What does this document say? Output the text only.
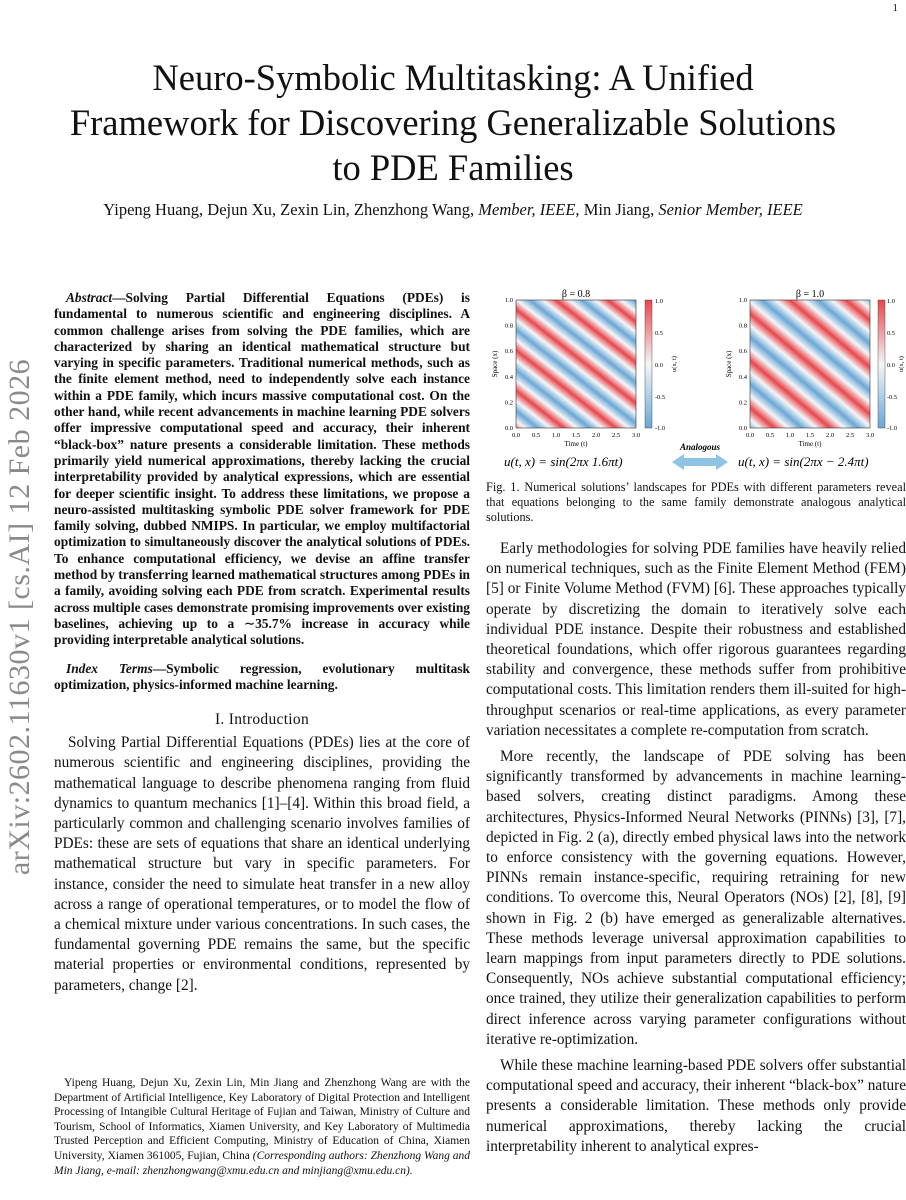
1
arXiv:2602.11630v1 [cs.AI] 12 Feb 2026
Neuro-Symbolic Multitasking: A Unified
Framework for Discovering Generalizable Solutions
to PDE Families
Yipeng Huang, Dejun Xu, Zexin Lin, Zhenzhong Wang, Member, IEEE, Min Jiang, Senior Member, IEEE
Abstract—Solving Partial Differential Equations (PDEs) is fundamental to numerous scientific and engineering disciplines. A common challenge arises from solving the PDE families, which are characterized by sharing an identical mathematical structure but varying in specific parameters. Traditional numerical methods, such as the finite element method, need to independently solve each instance within a PDE family, which incurs massive computational cost. On the other hand, while recent advancements in machine learning PDE solvers offer impressive computational speed and accuracy, their inherent “black-box” nature presents a considerable limitation. These methods primarily yield numerical approximations, thereby lacking the crucial interpretability provided by analytical expressions, which are essential for deeper scientific insight. To address these limitations, we propose a neuro-assisted multitasking symbolic PDE solver framework for PDE family solving, dubbed NMIPS. In particular, we employ multifactorial optimization to simultaneously discover the analytical solutions of PDEs. To enhance computational efficiency, we devise an affine transfer method by transferring learned mathematical structures among PDEs in a family, avoiding solving each PDE from scratch. Experimental results across multiple cases demonstrate promising improvements over existing baselines, achieving up to a ∼35.7% increase in accuracy while providing interpretable analytical solutions.
Index Terms—Symbolic regression, evolutionary multitask optimization, physics-informed machine learning.
I. Introduction

Solving Partial Differential Equations (PDEs) lies at the core of numerous scientific and engineering disciplines, providing the mathematical language to describe phenomena ranging from fluid dynamics to quantum mechanics [1]–[4]. Within this broad field, a particularly common and challenging scenario involves families of PDEs: these are sets of equations that share an identical underlying mathematical structure but vary in specific parameters. For instance, consider the need to simulate heat transfer in a new alloy across a range of operational temperatures, or to model the flow of a chemical mixture under various concentrations. In such cases, the fundamental governing PDE remains the same, but the specific material properties or environmental conditions, represented by parameters, change [2].

Yipeng Huang, Dejun Xu, Zexin Lin, Min Jiang and Zhenzhong Wang are with the Department of Artificial Intelligence, Key Laboratory of Digital Protection and Intelligent Processing of Intangible Cultural Heritage of Fujian and Taiwan, Ministry of Culture and Tourism, School of Informatics, Xiamen University, and Key Laboratory of Multimedia Trusted Perception and Efficient Computing, Ministry of Education of China, Xiamen University, Xiamen 361005, Fujian, China (Corresponding authors: Zhenzhong Wang and Min Jiang, e-mail: zhenzhongwang@xmu.edu.cn and minjiang@xmu.edu.cn).
β = 0.8
1.0
0.8
0.6
0.4
0.2
0.0
0.0 0.5 1.0 1.5 2.0 2.5 3.0
Time (t)
Space (x)
1.0
0.5
0.0
-0.5
-1.0
u(x, t)
β = 1.0
1.0
0.8
0.6
0.4
0.2
0.0
0.0 0.5 1.0 1.5 2.0 2.5 3.0
Time (t)
Space (x)
1.0
0.5
0.0
-0.5
-1.0
u(x, t)
Analogous
u(t, x) = sin(2πx 1.6πt)	u(t, x) = sin(2πx − 2.4πt)
Fig. 1. Numerical solutions’ landscapes for PDEs with different parameters reveal that equations belonging to the same family demonstrate analogous analytical solutions.

Early methodologies for solving PDE families have heavily relied on numerical techniques, such as the Finite Element Method (FEM) [5] or Finite Volume Method (FVM) [6]. These approaches typically operate by discretizing the domain to iteratively solve each individual PDE instance. Despite their robustness and established theoretical foundations, which offer rigorous guarantees regarding stability and convergence, these methods suffer from prohibitive computational costs. This limitation renders them ill-suited for high-throughput scenarios or real-time applications, as every parameter variation necessitates a complete re-computation from scratch.

More recently, the landscape of PDE solving has been significantly transformed by advancements in machine learning-based solvers, creating distinct paradigms. Among these architectures, Physics-Informed Neural Networks (PINNs) [3], [7], depicted in Fig. 2 (a), directly embed physical laws into the network to enforce consistency with the governing equations. However, PINNs remain instance-specific, requiring retraining for new conditions. To overcome this, Neural Operators (NOs) [2], [8], [9] shown in Fig. 2 (b) have emerged as generalizable alternatives. These methods leverage universal approximation capabilities to learn mappings from input parameters directly to PDE solutions. Consequently, NOs achieve substantial computational efficiency; once trained, they utilize their generalization capabilities to perform direct inference across varying parameter configurations without iterative re-optimization.

While these machine learning-based PDE solvers offer substantial computational speed and accuracy, their inherent “black-box” nature presents a considerable limitation. These methods only provide numerical approximations, thereby lacking the crucial interpretability inherent to analytical expres-
